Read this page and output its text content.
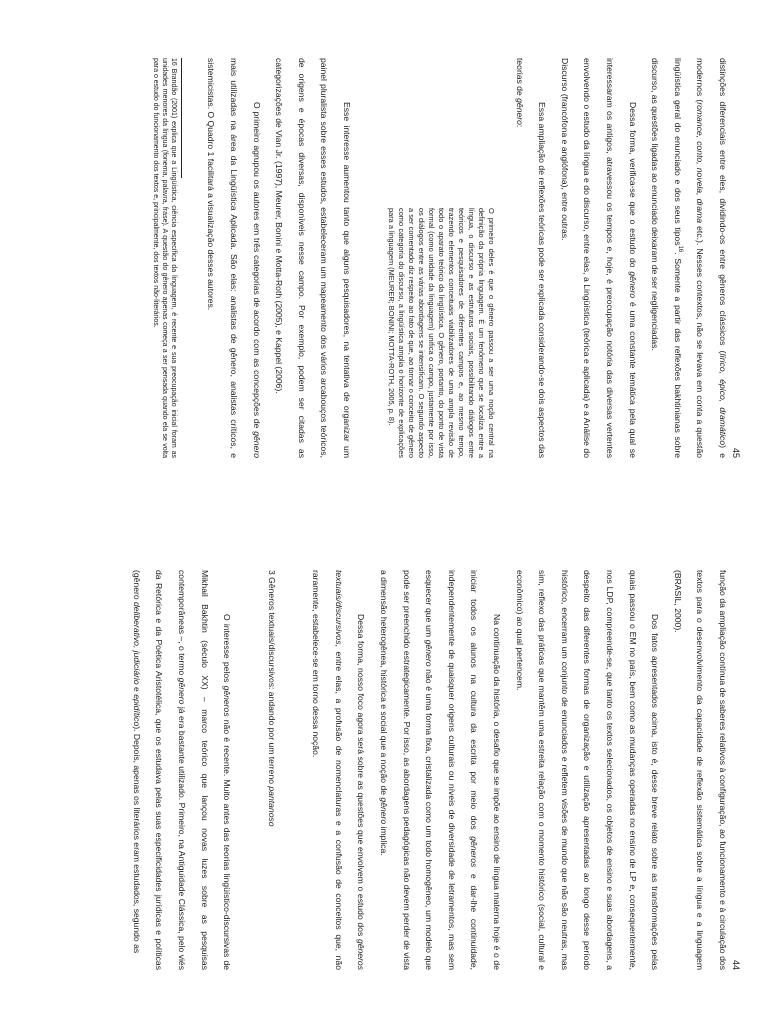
44

função da ampliação contínua de saberes relativos à configuração, ao funcionamento e à circulação dos textos para o desenvolvimento da capacidade de reflexão sistemática sobre a língua e a linguagem (BRASIL, 2000).

Dos fatos apresentados acima, isto é, desse breve relato sobre as transformações pelas quais passou o EM no país, bem como as mudanças operadas no ensino de LP e, consequentemente, nos LDP, compreende-se, que tanto os textos selecionados, os objetos de ensino e suas abordagens, a despeito das diferentes formas de organização e utilização apresentadas ao longo desse período histórico, encerram um conjunto de enunciados e refletem visões de mundo que não são neutras, mas sim, reflexo das práticas que mantêm uma estreita relação com o momento histórico (social, cultural e econômico) ao qual pertencem.

Na continuação da história, o desafio que se impõe ao ensino de língua materna hoje é o de iniciar todos os alunos na cultura da escrita por meio dos gêneros e dar-lhe continuidade, independentemente de quaisquer origens culturais ou níveis de diversidade de letramentos, mas sem esquecer que um gênero não é uma forma fixa, cristalizada como um todo homogêneo, um modelo que pode ser preenchido estrategicamente. Por isso, as abordagens pedagógicas não devem perder de vista a dimensão heterogênea, histórica e social que a noção de gênero implica.

Dessa forma, nosso foco agora será sobre as questões que envolvem o estudo dos gêneros textuais/discursivos, entre elas, a profusão de nomenclaturas e a confusão de conceitos que, não raramente, estabelece-se em torno dessa noção.

3 Gêneros textuais/discursivos: andando por um terreno pantanoso

O interesse pelos gêneros não é recente. Muito antes das teorias lingüístico-discursivas de Mikhail Bakhtin (século XX) – marco teórico que lançou novas luzes sobre as pesquisas contemporâneas –, o termo gênero já era bastante utilizado. Primeiro, na Antiguidade Clássica, pelo viés da Retórica e da Poética Aristotélica, que os estudava pelas suas especificidades jurídicas e políticas (gênero deliberativo, judiciário e epidítico). Depois, apenas os literários eram estudados, segundo as

45

distinções diferenciais entre eles, dividindo-os entre gêneros clássicos (lírico, épico, dramático) e modernos (romance, conto, novela, drama etc.). Nesses contextos, não se levava em conta a questão lingüística geral do enunciado e dos seus tipos$^{16}$. Somente a partir das reflexões bakhtinianas sobre discurso, as questões ligadas ao enunciado deixaram de ser negligenciadas.

Dessa forma, verifica-se que o estudo do gênero é uma constante temática pela qual se interessaram os antigos, atravessou os tempos e, hoje, é preocupação notória das diversas vertentes envolvendo o estudo da língua e do discurso, entre elas, a Lingüística (teórica e aplicada) e a Análise do Discurso (francófona e anglófona), entre outras.

Essa ampliação de reflexões teóricas pode ser explicada considerando-se dois aspectos das teorias de gênero:

O primeiro deles é que o gênero passou a ser uma noção central na definição da própria linguagem. É um fenômeno que se localiza entre a língua, o discurso e as estruturas sociais, possibilitando diálogos entre teóricos e pesquisadores de diferentes campos e, ao mesmo tempo, trazendo elementos conceituais viabilizadores de uma ampla revisão de todo o aparato teórico da lingüística. O gênero, portanto, do ponto de vista formal (como unidade da linguagem) unifica o campo, justamente por isso, os diálogos entre as várias abordagens se intensificam. O segundo aspecto a ser comentado diz respeito ao fato de que, ao tornar o conceito de gênero como categoria do discurso, a lingüística amplia o horizonte de explicações para a linguagem (MEURER; BONINI; MOTTA-ROTH, 2005, p. 8).

Esse interesse aumentou tanto que alguns pesquisadores, na tentativa de organizar um painel pluralista sobre esses estudos, estabeleceram um mapeamento dos vários arcabouços teóricos, de origens e épocas diversas, disponíveis nesse campo. Por exemplo, podem ser citadas as categorizações de Vian Jr. (1997), Meurer, Bonini e Motta-Roth (2005), e Kappel (2006).

O primeiro agrupou os autores em três categorias de acordo com as concepções de gênero mais utilizadas na área da Lingüística Aplicada. São elas: analistas de gênero, analistas críticos, e sistemicistas. O Quadro 1 facilitará a visualização desses autores.

16 Brandão (2001) explica que a Lingüística, ciência específica da linguagem, é recente e sua preocupação inicial foram as unidades menores da língua (fonema, palavra, frase). A questão do gênero apenas começa a ser pensada quando ela se volta para o estudo do funcionamento dos textos e, principalmente, dos textos não-literários.
